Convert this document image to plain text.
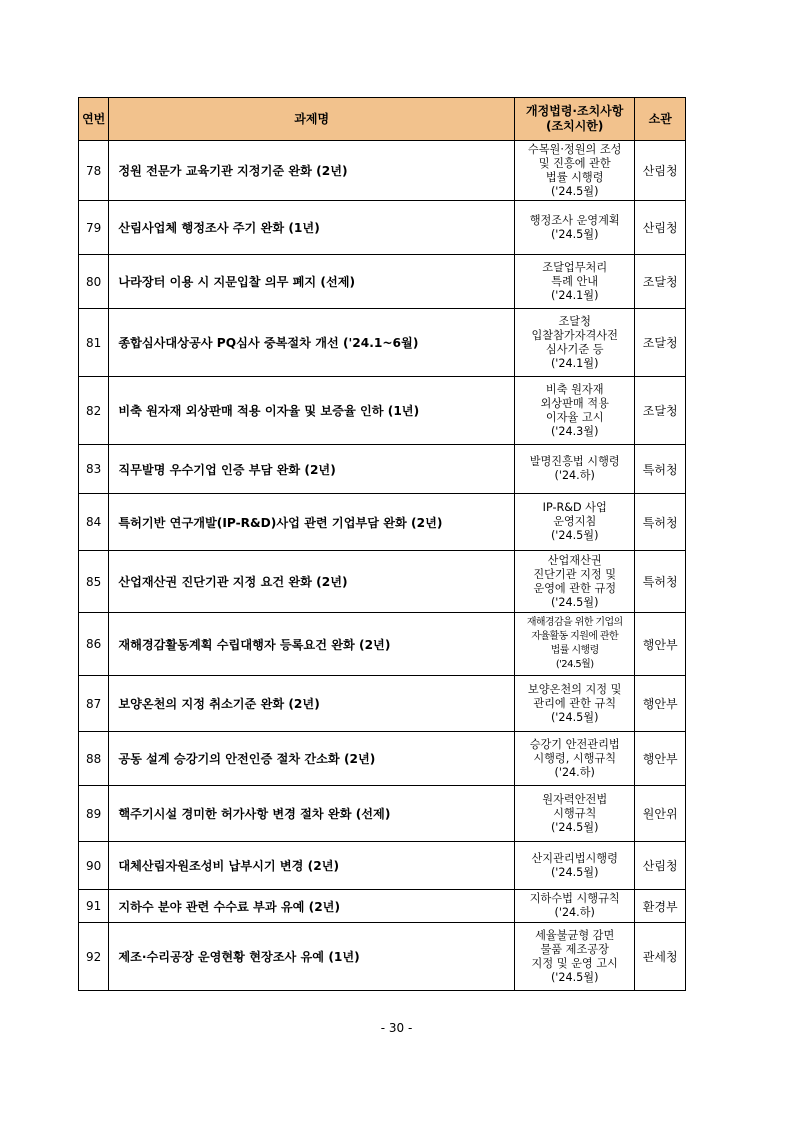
연번	과제명	개정법령·조치사항
(조치시한)	소관
78	정원 전문가 교육기관 지정기준 완화 (2년)	수목원·정원의 조성
및 진흥에 관한
법률 시행령
('24.5월)	산림청
79	산림사업체 행정조사 주기 완화 (1년)	행정조사 운영계획
('24.5월)	산림청
80	나라장터 이용 시 지문입찰 의무 폐지 (선제)	조달업무처리
특례 안내
('24.1월)	조달청
81	종합심사대상공사 PQ심사 중복절차 개선 ('24.1~6월)	조달청
입찰참가자격사전
심사기준 등
('24.1월)	조달청
82	비축 원자재 외상판매 적용 이자율 및 보증율 인하 (1년)	비축 원자재
외상판매 적용
이자율 고시
('24.3월)	조달청
83	직무발명 우수기업 인증 부담 완화 (2년)	발명진흥법 시행령
('24.하)	특허청
84	특허기반 연구개발(IP-R&D)사업 관련 기업부담 완화 (2년)	IP-R&D 사업
운영지침
('24.5월)	특허청
85	산업재산권 진단기관 지정 요건 완화 (2년)	산업재산권
진단기관 지정 및
운영에 관한 규정
('24.5월)	특허청
86	재해경감활동계획 수립대행자 등록요건 완화 (2년)	재해경감을 위한 기업의
자율활동 지원에 관한
법률 시행령
('24.5월)	행안부
87	보양온천의 지정 취소기준 완화 (2년)	보양온천의 지정 및
관리에 관한 규칙
('24.5월)	행안부
88	공동 설계 승강기의 안전인증 절차 간소화 (2년)	승강기 안전관리법
시행령, 시행규칙
('24.하)	행안부
89	핵주기시설 경미한 허가사항 변경 절차 완화 (선제)	원자력안전법
시행규칙
('24.5월)	원안위
90	대체산림자원조성비 납부시기 변경 (2년)	산지관리법시행령
('24.5월)	산림청
91	지하수 분야 관련 수수료 부과 유예 (2년)	지하수법 시행규칙
('24.하)	환경부
92	제조·수리공장 운영현황 현장조사 유예 (1년)	세율불균형 감면
물품 제조공장
지정 및 운영 고시
('24.5월)	관세청
- 30 -
